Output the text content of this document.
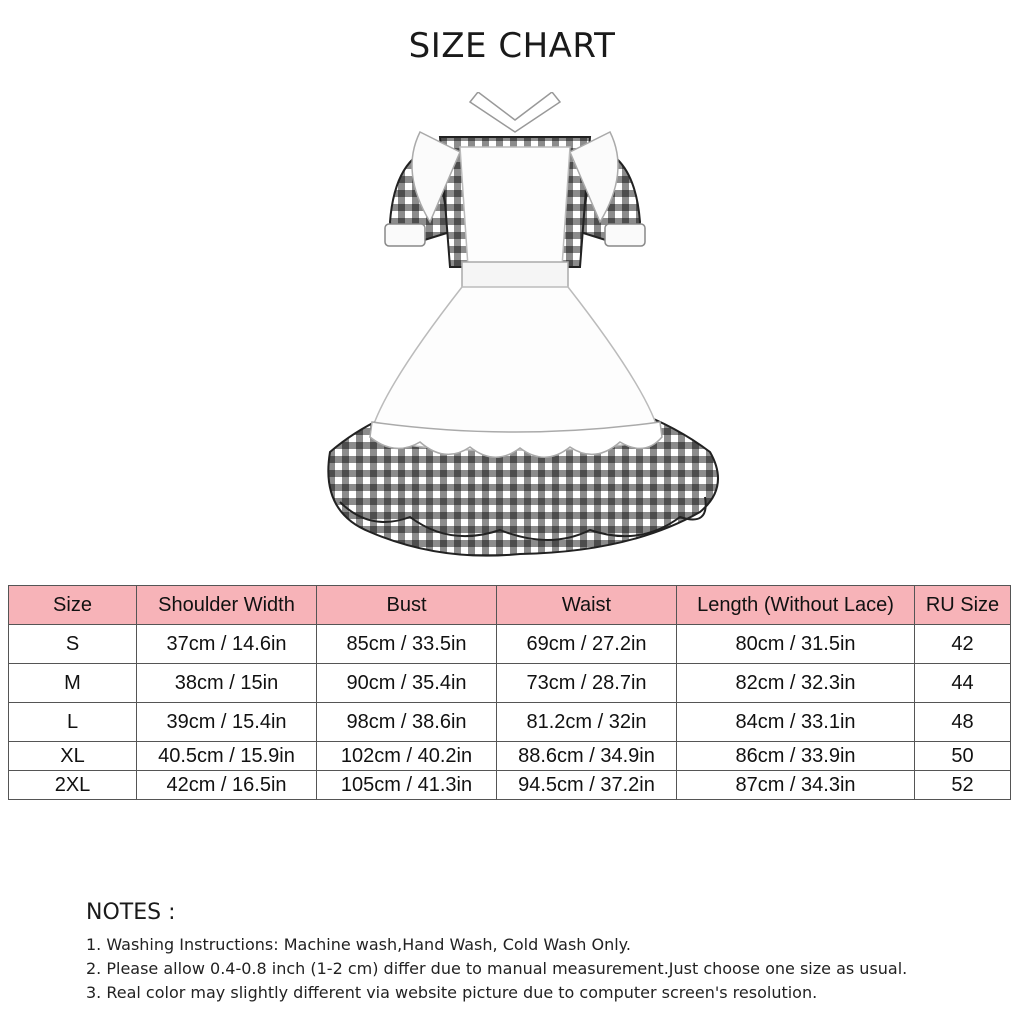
SIZE CHART
Size	Shoulder Width	Bust	Waist	Length (Without Lace)	RU Size
S	37cm / 14.6in	85cm / 33.5in	69cm / 27.2in	80cm / 31.5in	42
M	38cm / 15in	90cm / 35.4in	73cm / 28.7in	82cm / 32.3in	44
L	39cm / 15.4in	98cm / 38.6in	81.2cm / 32in	84cm / 33.1in	48
XL	40.5cm / 15.9in	102cm / 40.2in	88.6cm / 34.9in	86cm / 33.9in	50
2XL	42cm / 16.5in	105cm / 41.3in	94.5cm / 37.2in	87cm / 34.3in	52
NOTES :
1. Washing Instructions: Machine wash,Hand Wash, Cold Wash Only.
2. Please allow 0.4-0.8 inch (1-2 cm) differ due to manual measurement.Just choose one size as usual.
3. Real color may slightly different via website picture due to computer screen's resolution.
